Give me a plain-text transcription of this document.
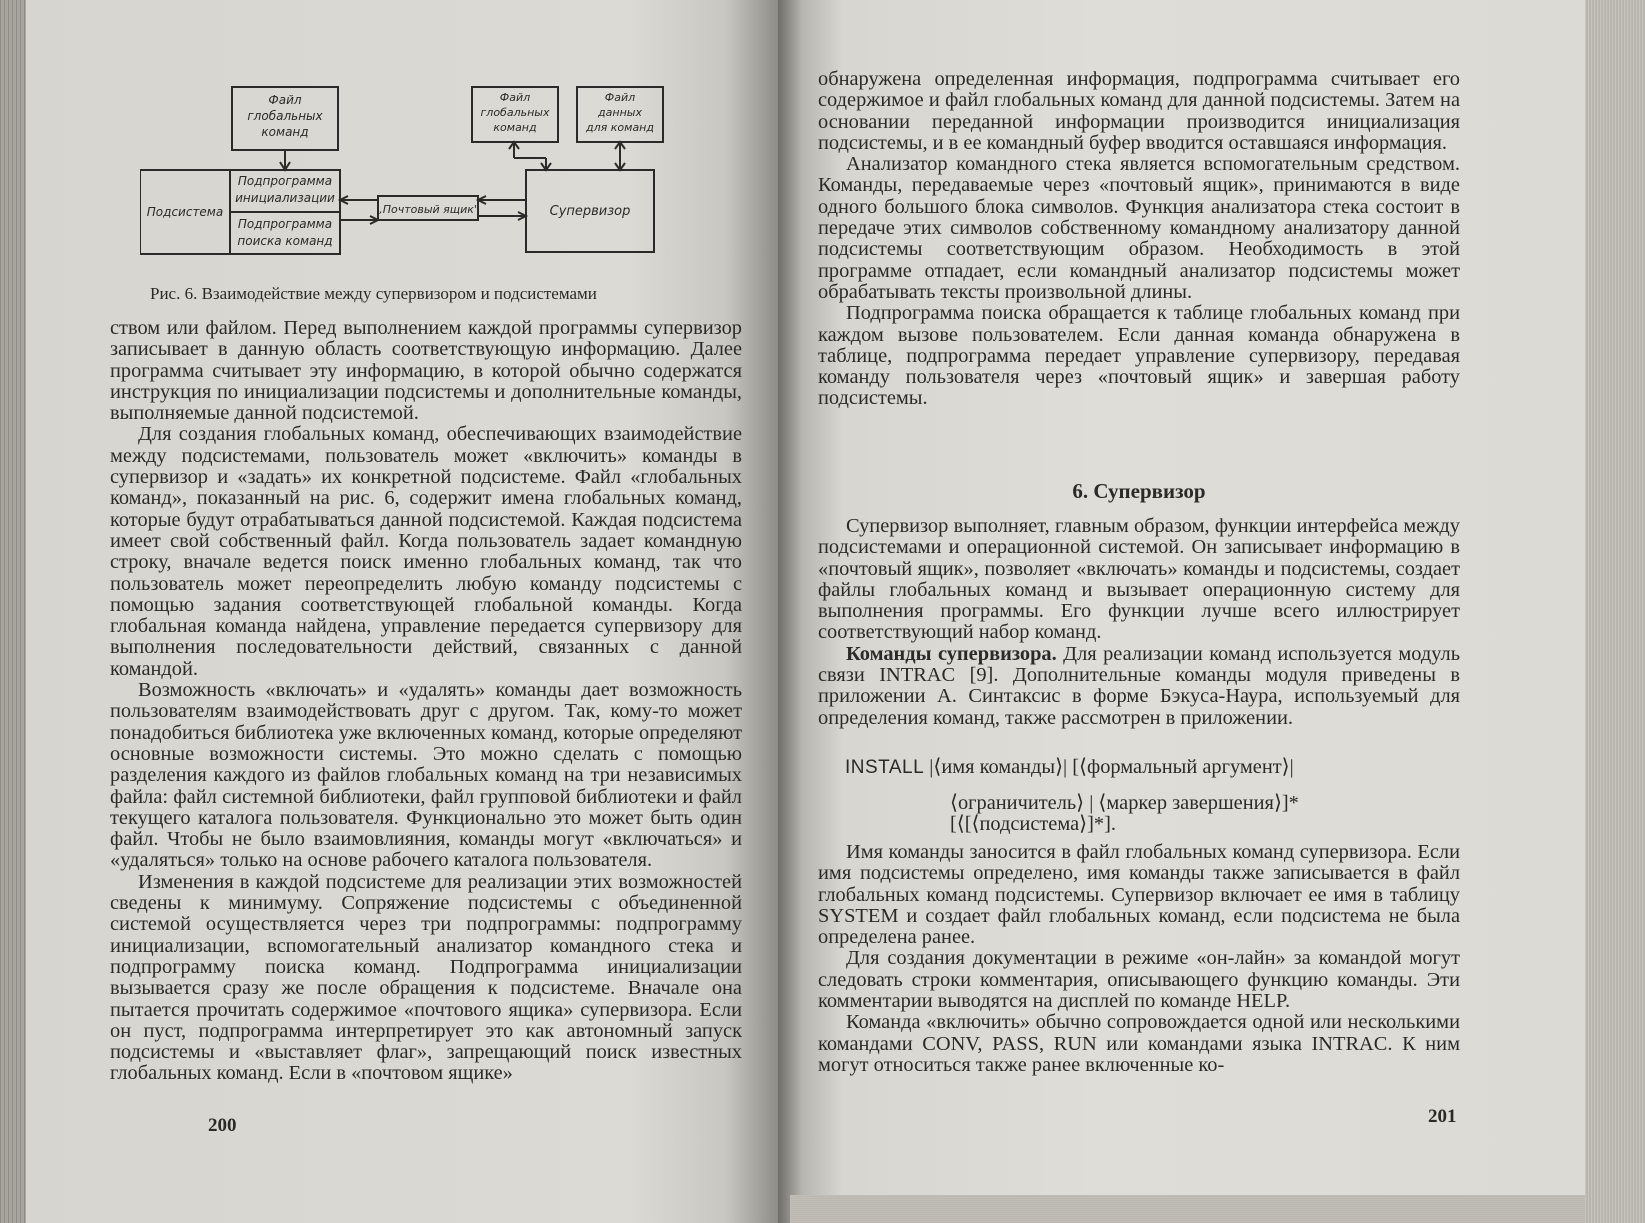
Файл
глобальных
команд
Файл
глобальных
команд
Файл
данных
для команд
Подсистема
Подпрограмма
инициализации
Подпрограмма
поиска команд
„Почтовый ящик"	Супервизор
Рис. 6. Взаимодействие между супервизором и подсистемами

ством или файлом. Перед выполнением каждой программы супервизор записывает в данную область соответствующую информацию. Далее программа считывает эту информацию, в которой обычно содержатся инструкция по инициализации подсистемы и дополнительные команды, выполняемые данной подсистемой.

Для создания глобальных команд, обеспечивающих взаимодействие между подсистемами, пользователь может «включить» команды в супервизор и «задать» их конкретной подсистеме. Файл «глобальных команд», показанный на рис. 6, содержит имена глобальных команд, которые будут отрабатываться данной подсистемой. Каждая подсистема имеет свой собственный файл. Когда пользователь задает командную строку, вначале ведется поиск именно глобальных команд, так что пользователь может переопределить любую команду подсистемы с помощью задания соответствующей глобальной команды. Когда глобальная команда найдена, управление передается супервизору для выполнения последовательности действий, связанных с данной командой.

Возможность «включать» и «удалять» команды дает возможность пользователям взаимодействовать друг с другом. Так, кому-то может понадобиться библиотека уже включенных команд, которые определяют основные возможности системы. Это можно сделать с помощью разделения каждого из файлов глобальных команд на три независимых файла: файл системной библиотеки, файл групповой библиотеки и файл текущего каталога пользователя. Функционально это может быть один файл. Чтобы не было взаимовлияния, команды могут «включаться» и «удаляться» только на основе рабочего каталога пользователя.

Изменения в каждой подсистеме для реализации этих возможностей сведены к минимуму. Сопряжение подсистемы с объединенной системой осуществляется через три подпрограммы: подпрограмму инициализации, вспомогательный анализатор командного стека и подпрограмму поиска команд. Подпрограмма инициализации вызывается сразу же после обращения к подсистеме. Вначале она пытается прочитать содержимое «почтового ящика» супервизора. Если он пуст, подпрограмма интерпретирует это как автономный запуск подсистемы и «выставляет флаг», запрещающий поиск известных глобальных команд. Если в «почтовом ящике»

200

обнаружена определенная информация, подпрограмма считывает его содержимое и файл глобальных команд для данной подсистемы. Затем на основании переданной информации производится инициализация подсистемы, и в ее командный буфер вводится оставшаяся информация.

Анализатор командного стека является вспомогательным средством. Команды, передаваемые через «почтовый ящик», принимаются в виде одного большого блока символов. Функция анализатора стека состоит в передаче этих символов собственному командному анализатору данной подсистемы соответствующим образом. Необходимость в этой программе отпадает, если командный анализатор подсистемы может обрабатывать тексты произвольной длины.

Подпрограмма поиска обращается к таблице глобальных команд при каждом вызове пользователем. Если данная команда обнаружена в таблице, подпрограмма передает управление супервизору, передавая команду пользователя через «почтовый ящик» и завершая работу подсистемы.

6. Супервизор

Супервизор выполняет, главным образом, функции интерфейса между подсистемами и операционной системой. Он записывает информацию в «почтовый ящик», позволяет «включать» команды и подсистемы, создает файлы глобальных команд и вызывает операционную систему для выполнения программы. Его функции лучше всего иллюстрирует соответствующий набор команд.

Команды супервизора. Для реализации команд используется модуль связи INTRAC [9]. Дополнительные команды модуля приведены в приложении А. Синтаксис в форме Бэкуса-Наура, используемый для определения команд, также рассмотрен в приложении.

INSTALL |⟨имя команды⟩| [⟨формальный аргумент⟩|
⟨ограничитель⟩ | ⟨маркер завершения⟩]* [⟨[⟨подсистема⟩]*].

Имя команды заносится в файл глобальных команд супервизора. Если имя подсистемы определено, имя команды также записывается в файл глобальных команд подсистемы. Супервизор включает ее имя в таблицу SYSTEM и создает файл глобальных команд, если подсистема не была определена ранее.

Для создания документации в режиме «он-лайн» за командой могут следовать строки комментария, описывающего функцию команды. Эти комментарии выводятся на дисплей по команде HELP.

Команда «включить» обычно сопровождается одной или несколькими командами CONV, PASS, RUN или командами языка INTRAC. К ним могут относиться также ранее включенные ко-

201
